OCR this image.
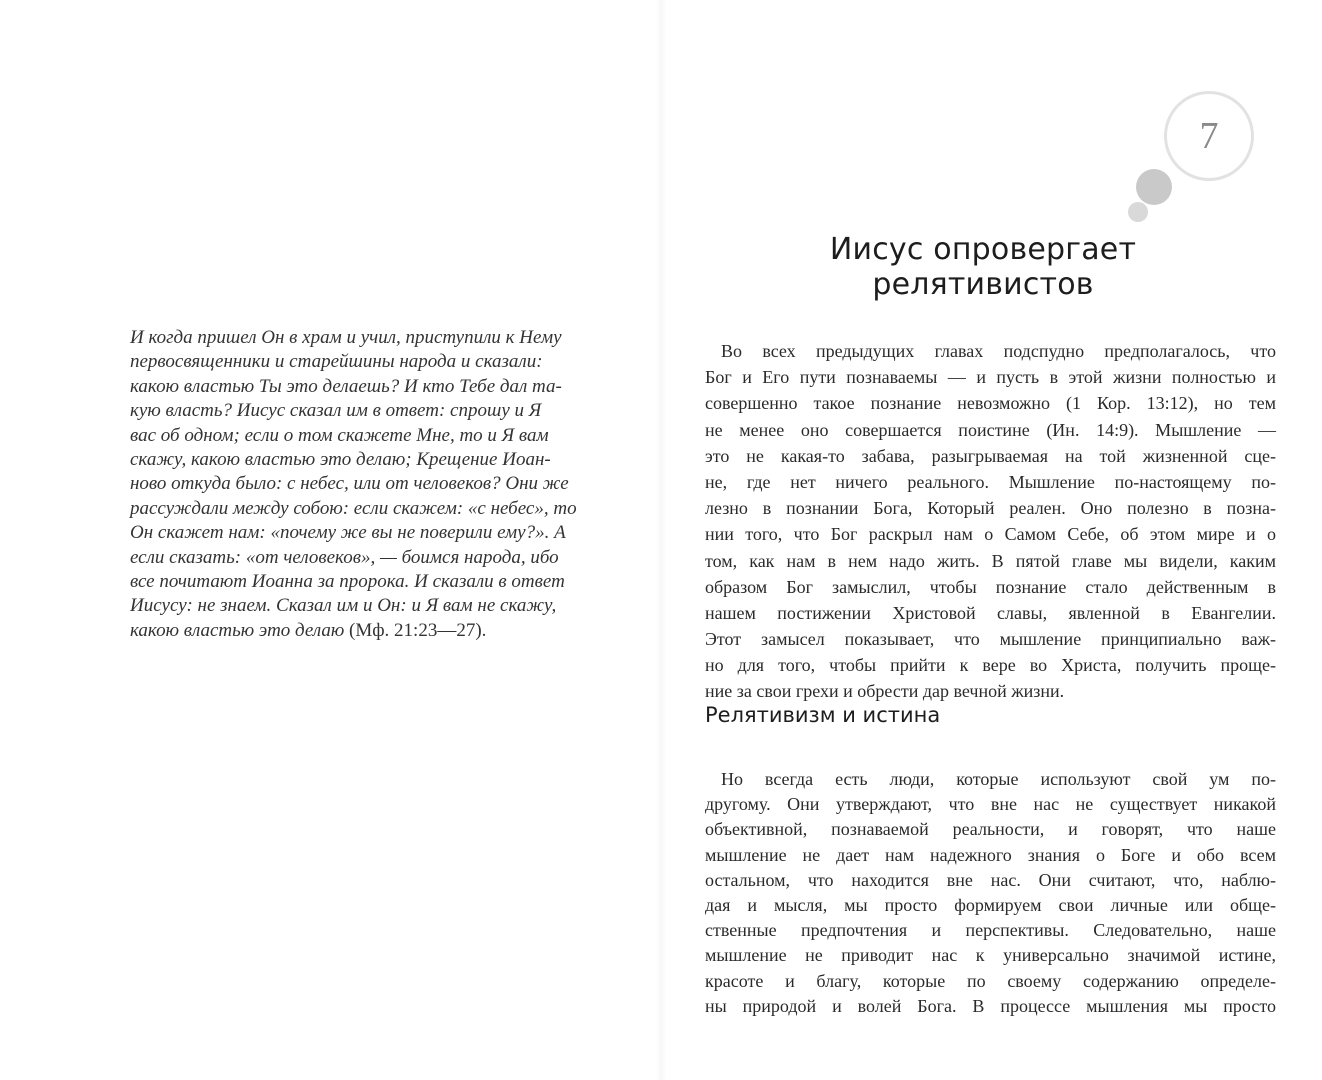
И когда пришел Он в храм и учил, приступили к Нему
первосвященники и старейшины народа и сказали:
какою властью Ты это делаешь? И кто Тебе дал та-
кую власть? Иисус сказал им в ответ: спрошу и Я
вас об одном; если о том скажете Мне, то и Я вам
скажу, какою властью это делаю; Крещение Иоан-
ново откуда было: с небес, или от человеков? Они же
рассуждали между собою: если скажем: «с небес», то
Он скажет нам: «почему же вы не поверили ему?». А
если сказать: «от человеков», — боимся народа, ибо
все почитают Иоанна за пророка. И сказали в ответ
Иисусу: не знаем. Сказал им и Он: и Я вам не скажу,
какою властью это делаю (Мф. 21:23—27).
7
Иисус опровергает релятивистов
Во всех предыдущих главах подспудно предполагалось, что
Бог и Его пути познаваемы — и пусть в этой жизни полностью и
совершенно такое познание невозможно (1 Кор. 13:12), но тем
не менее оно совершается поистине (Ин. 14:9). Мышление —
это не какая-то забава, разыгрываемая на той жизненной сце-
не, где нет ничего реального. Мышление по-настоящему по-
лезно в познании Бога, Который реален. Оно полезно в позна-
нии того, что Бог раскрыл нам о Самом Себе, об этом мире и о
том, как нам в нем надо жить. В пятой главе мы видели, каким
образом Бог замыслил, чтобы познание стало действенным в
нашем постижении Христовой славы, явленной в Евангелии.
Этот замысел показывает, что мышление принципиально важ-
но для того, чтобы прийти к вере во Христа, получить проще-
ние за свои грехи и обрести дар вечной жизни.
Релятивизм и истина
Но всегда есть люди, которые используют свой ум по-
другому. Они утверждают, что вне нас не существует никакой
объективной, познаваемой реальности, и говорят, что наше
мышление не дает нам надежного знания о Боге и обо всем
остальном, что находится вне нас. Они считают, что, наблю-
дая и мысля, мы просто формируем свои личные или обще-
ственные предпочтения и перспективы. Следовательно, наше
мышление не приводит нас к универсально значимой истине,
красоте и благу, которые по своему содержанию определе-
ны природой и волей Бога. В процессе мышления мы просто
